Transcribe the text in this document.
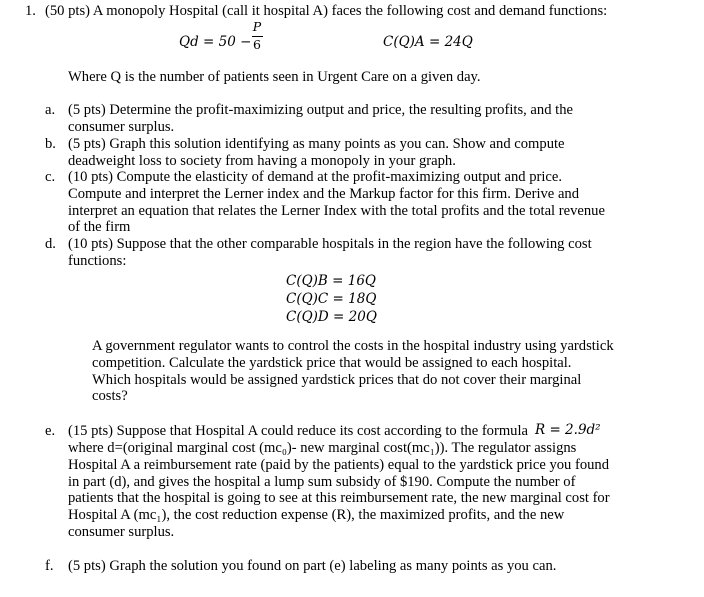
1. (50 pts) A monopoly Hospital (call it hospital A) faces the following cost and demand functions:
Qd = 50 −
P
6	C(Q)A = 24Q
Where Q is the number of patients seen in Urgent Care on a given day.
a. (5 pts) Determine the profit-maximizing output and price, the resulting profits, and the
consumer surplus.
b. (5 pts) Graph this solution identifying as many points as you can. Show and compute
deadweight loss to society from having a monopoly in your graph.
c. (10 pts) Compute the elasticity of demand at the profit-maximizing output and price.
Compute and interpret the Lerner index and the Markup factor for this firm. Derive and
interpret an equation that relates the Lerner Index with the total profits and the total revenue
of the firm
d. (10 pts) Suppose that the other comparable hospitals in the region have the following cost
functions:
C(Q)B = 16Q
C(Q)C = 18Q
C(Q)D = 20Q
A government regulator wants to control the costs in the hospital industry using yardstick
competition. Calculate the yardstick price that would be assigned to each hospital.
Which hospitals would be assigned yardstick prices that do not cover their marginal
costs?
e. (15 pts) Suppose that Hospital A could reduce its cost according to the formula R = 2.9d²
where d=(original marginal cost (mc₀)- new marginal cost(mc₁)). The regulator assigns
Hospital A a reimbursement rate (paid by the patients) equal to the yardstick price you found
in part (d), and gives the hospital a lump sum subsidy of $190. Compute the number of
patients that the hospital is going to see at this reimbursement rate, the new marginal cost for
Hospital A (mc₁), the cost reduction expense (R), the maximized profits, and the new
consumer surplus.
f. (5 pts) Graph the solution you found on part (e) labeling as many points as you can.
